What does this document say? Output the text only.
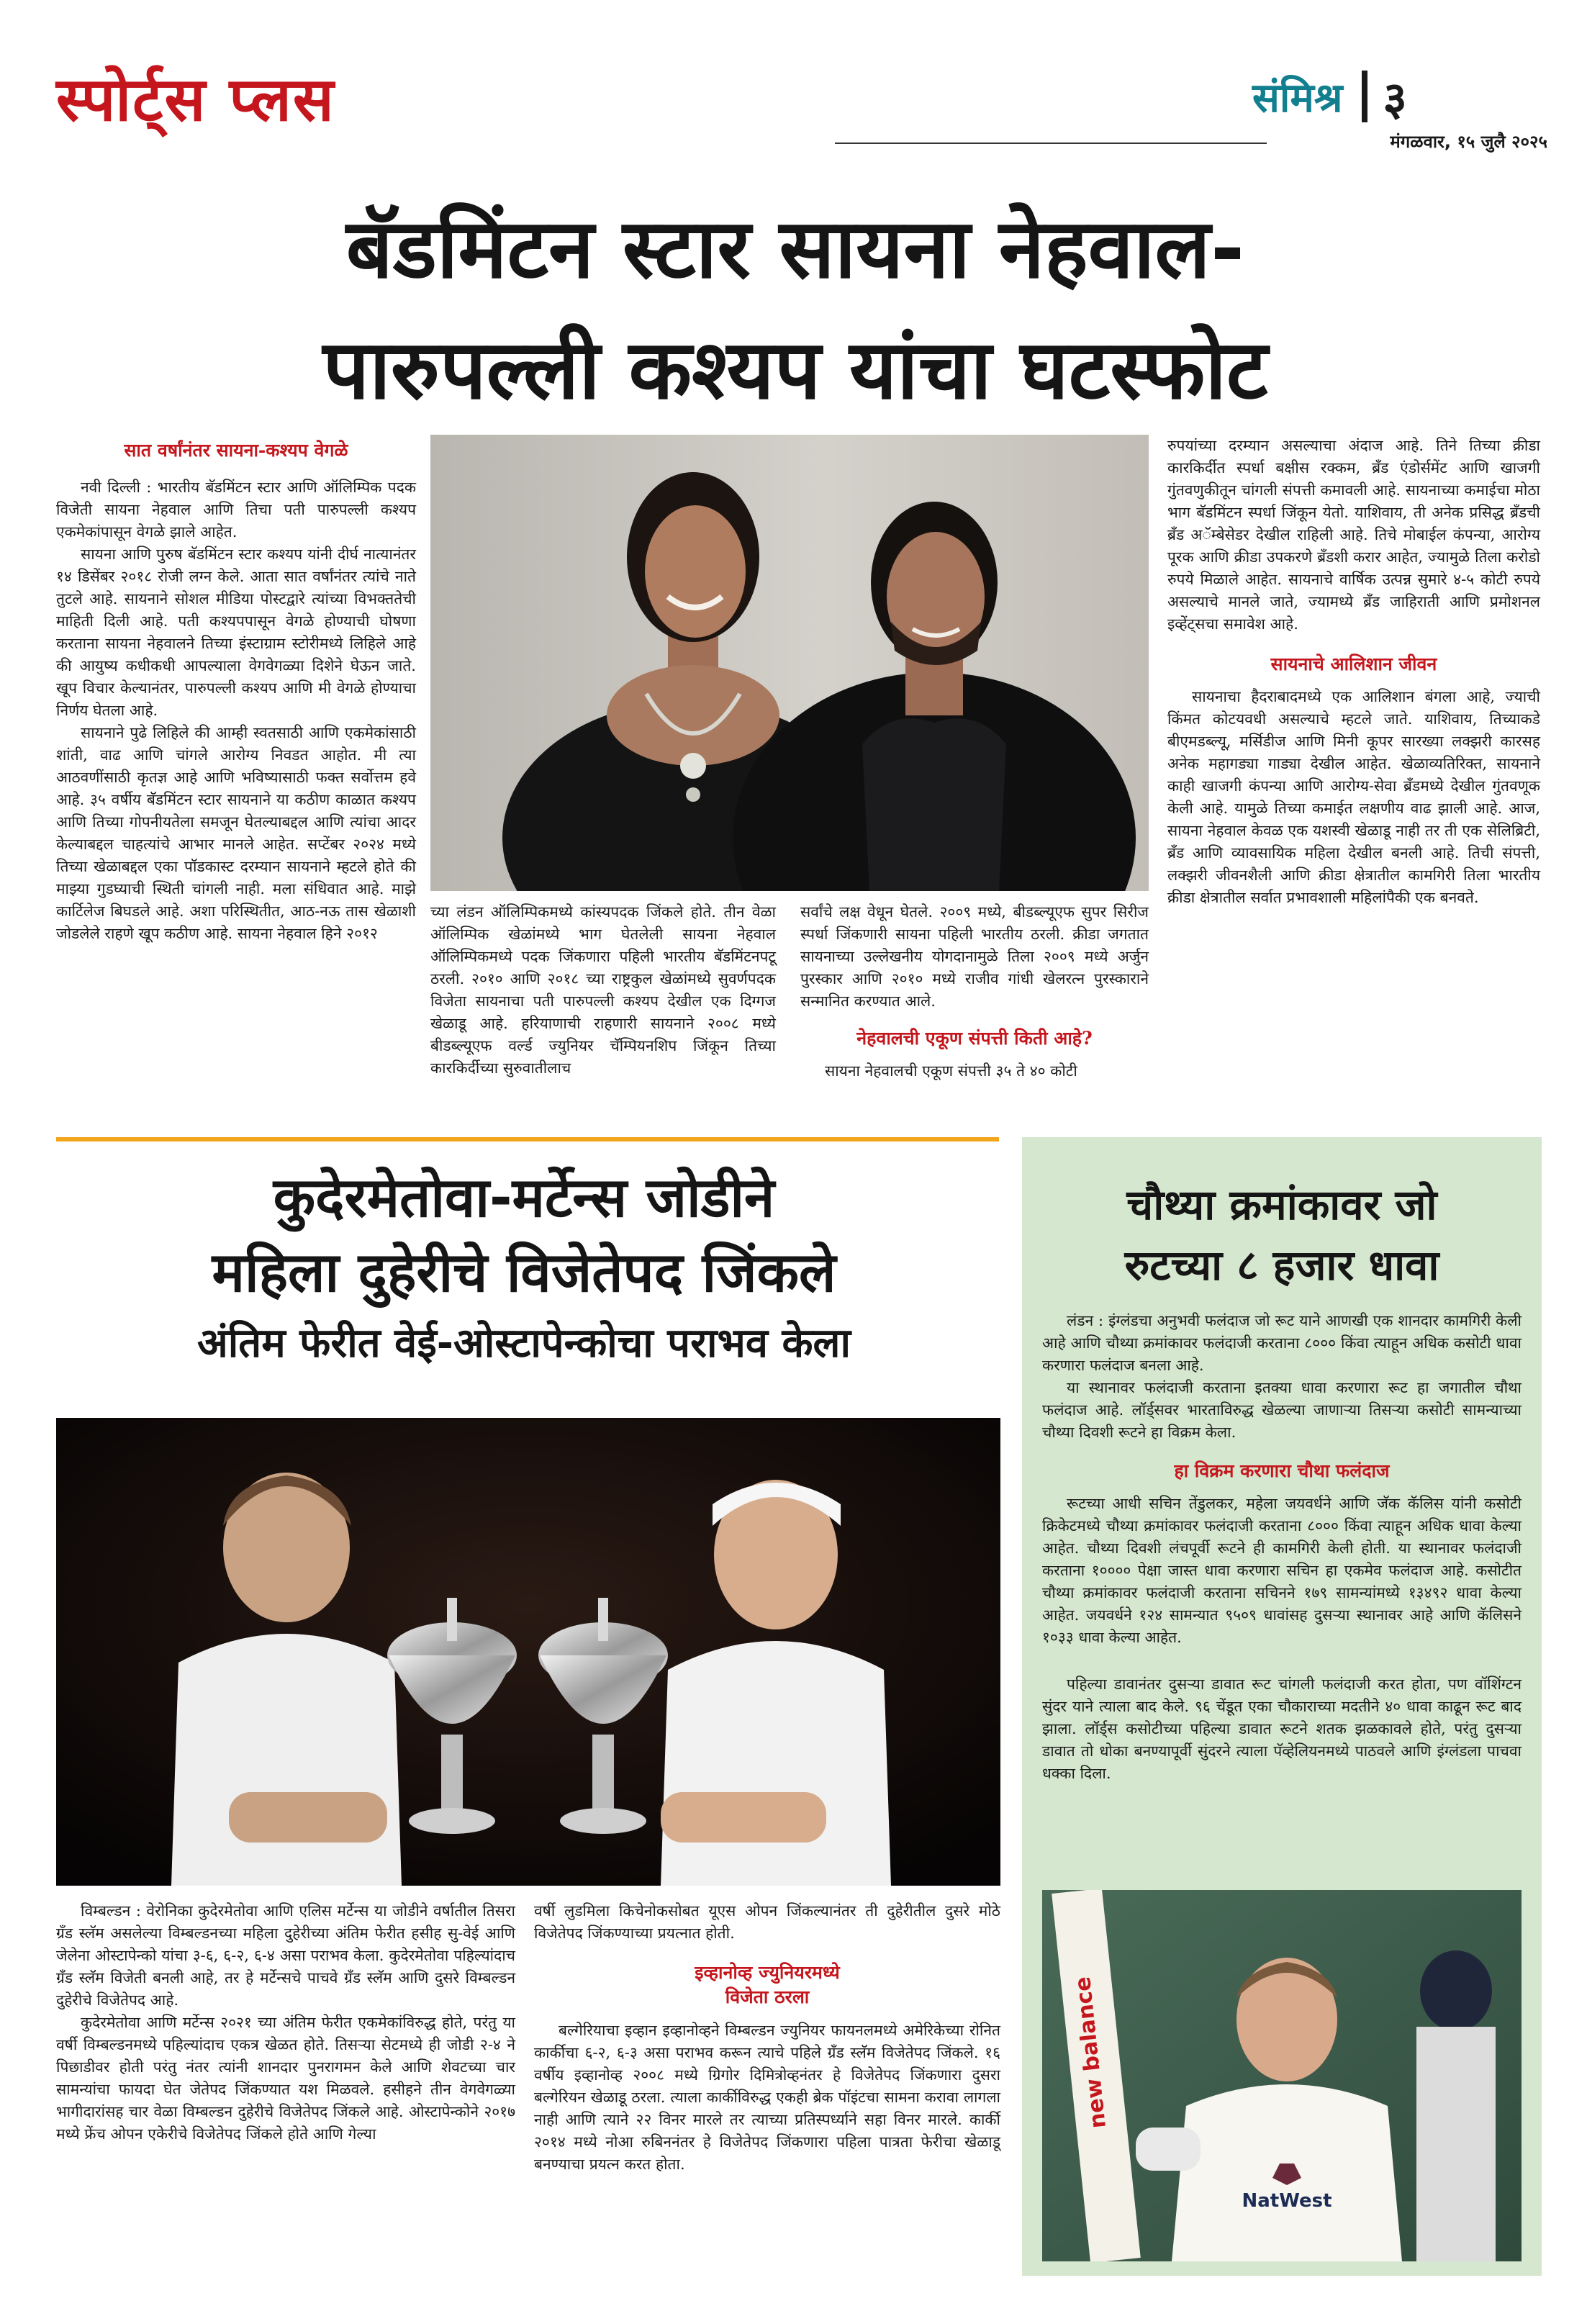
स्पोर्ट्स प्लस	संमिश्र ३
मंगळवार, १५ जुलै २०२५
बॅडमिंटन स्टार सायना नेहवाल-
पारुपल्ली कश्यप यांचा घटस्फोट
सात वर्षांनंतर सायना-कश्यप वेगळे

नवी दिल्ली : भारतीय बॅडमिंटन स्टार आणि ऑलिम्पिक पदक विजेती सायना नेहवाल आणि तिचा पती पारुपल्ली कश्यप एकमेकांपासून वेगळे झाले आहेत.

सायना आणि पुरुष बॅडमिंटन स्टार कश्यप यांनी दीर्घ नात्यानंतर १४ डिसेंबर २०१८ रोजी लग्न केले. आता सात वर्षांनंतर त्यांचे नाते तुटले आहे. सायनाने सोशल मीडिया पोस्टद्वारे त्यांच्या विभक्ततेची माहिती दिली आहे. पती कश्यपपासून वेगळे होण्याची घोषणा करताना सायना नेहवालने तिच्या इंस्टाग्राम स्टोरीमध्ये लिहिले आहे की आयुष्य कधीकधी आपल्याला वेगवेगळ्या दिशेने घेऊन जाते. खूप विचार केल्यानंतर, पारुपल्ली कश्यप आणि मी वेगळे होण्याचा निर्णय घेतला आहे.

सायनाने पुढे लिहिले की आम्ही स्वतसाठी आणि एकमेकांसाठी शांती, वाढ आणि चांगले आरोग्य निवडत आहोत. मी त्या आठवणींसाठी कृतज्ञ आहे आणि भविष्यासाठी फक्त सर्वोत्तम हवे आहे. ३५ वर्षीय बॅडमिंटन स्टार सायनाने या कठीण काळात कश्यप आणि तिच्या गोपनीयतेला समजून घेतल्याबद्दल आणि त्यांचा आदर केल्याबद्दल चाहत्यांचे आभार मानले आहेत. सप्टेंबर २०२४ मध्ये तिच्या खेळाबद्दल एका पॉडकास्ट दरम्यान सायनाने म्हटले होते की माझ्या गुडघ्याची स्थिती चांगली नाही. मला संधिवात आहे. माझे कार्टिलेज बिघडले आहे. अशा परिस्थितीत, आठ-नऊ तास खेळाशी जोडलेले राहणे खूप कठीण आहे. सायना नेहवाल हिने २०१२

च्या लंडन ऑलिम्पिकमध्ये कांस्यपदक जिंकले होते. तीन वेळा ऑलिम्पिक खेळांमध्ये भाग घेतलेली सायना नेहवाल ऑलिम्पिकमध्ये पदक जिंकणारा पहिली भारतीय बॅडमिंटनपटू ठरली. २०१० आणि २०१८ च्या राष्ट्रकुल खेळांमध्ये सुवर्णपदक विजेता सायनाचा पती पारुपल्ली कश्यप देखील एक दिग्गज खेळाडू आहे. हरियाणाची राहणारी सायनाने २००८ मध्ये बीडब्ल्यूएफ वर्ल्ड ज्युनियर चॅम्पियनशिप जिंकून तिच्या कारकिर्दीच्या सुरुवातीलाच

सर्वांचे लक्ष वेधून घेतले. २००९ मध्ये, बीडब्ल्यूएफ सुपर सिरीज स्पर्धा जिंकणारी सायना पहिली भारतीय ठरली. क्रीडा जगतात सायनाच्या उल्लेखनीय योगदानामुळे तिला २००९ मध्ये अर्जुन पुरस्कार आणि २०१० मध्ये राजीव गांधी खेलरत्न पुरस्काराने सन्मानित करण्यात आले.

नेहवालची एकूण संपत्ती किती आहे?

सायना नेहवालची एकूण संपत्ती ३५ ते ४० कोटी

रुपयांच्या दरम्यान असल्याचा अंदाज आहे. तिने तिच्या क्रीडा कारकिर्दीत स्पर्धा बक्षीस रक्कम, ब्रँड एंडोर्समेंट आणि खाजगी गुंतवणुकीतून चांगली संपत्ती कमावली आहे. सायनाच्या कमाईचा मोठा भाग बॅडमिंटन स्पर्धा जिंकून येतो. याशिवाय, ती अनेक प्रसिद्ध ब्रँडची ब्रँड अॅम्बेसेडर देखील राहिली आहे. तिचे मोबाईल कंपन्या, आरोग्य पूरक आणि क्रीडा उपकरणे ब्रँडशी करार आहेत, ज्यामुळे तिला करोडो रुपये मिळाले आहेत. सायनाचे वार्षिक उत्पन्न सुमारे ४-५ कोटी रुपये असल्याचे मानले जाते, ज्यामध्ये ब्रँड जाहिराती आणि प्रमोशनल इव्हेंट्सचा समावेश आहे.

सायनाचे आलिशान जीवन

सायनाचा हैदराबादमध्ये एक आलिशान बंगला आहे, ज्याची किंमत कोटयवधी असल्याचे म्हटले जाते. याशिवाय, तिच्याकडे बीएमडब्ल्यू, मर्सिडीज आणि मिनी कूपर सारख्या लक्झरी कारसह अनेक महागड्या गाड्या देखील आहेत. खेळाव्यतिरिक्त, सायनाने काही खाजगी कंपन्या आणि आरोग्य-सेवा ब्रँडमध्ये देखील गुंतवणूक केली आहे. यामुळे तिच्या कमाईत लक्षणीय वाढ झाली आहे. आज, सायना नेहवाल केवळ एक यशस्वी खेळाडू नाही तर ती एक सेलिब्रिटी, ब्रँड आणि व्यावसायिक महिला देखील बनली आहे. तिची संपत्ती, लक्झरी जीवनशैली आणि क्रीडा क्षेत्रातील कामगिरी तिला भारतीय क्रीडा क्षेत्रातील सर्वात प्रभावशाली महिलांपैकी एक बनवते.

कुदेरमेतोवा-मर्टेन्स जोडीने
महिला दुहेरीचे विजेतेपद जिंकले
अंतिम फेरीत वेई-ओस्टापेन्कोचा पराभव केला

विम्बल्डन : वेरोनिका कुदेरमेतोवा आणि एलिस मर्टेन्स या जोडीने वर्षातील तिसरा ग्रँड स्लॅम असलेल्या विम्बल्डनच्या महिला दुहेरीच्या अंतिम फेरीत हसीह सु-वेई आणि जेलेना ओस्टापेन्को यांचा ३-६, ६-२, ६-४ असा पराभव केला. कुदेरमेतोवा पहिल्यांदाच ग्रँड स्लॅम विजेती बनली आहे, तर हे मर्टेन्सचे पाचवे ग्रँड स्लॅम आणि दुसरे विम्बल्डन दुहेरीचे विजेतेपद आहे.

कुदेरमेतोवा आणि मर्टेन्स २०२१ च्या अंतिम फेरीत एकमेकांविरुद्ध होते, परंतु या वर्षी विम्बल्डनमध्ये पहिल्यांदाच एकत्र खेळत होते. तिसऱ्या सेटमध्ये ही जोडी २-४ ने पिछाडीवर होती परंतु नंतर त्यांनी शानदार पुनरागमन केले आणि शेवटच्या चार सामन्यांचा फायदा घेत जेतेपद जिंकण्यात यश मिळवले. हसीहने तीन वेगवेगळ्या भागीदारांसह चार वेळा विम्बल्डन दुहेरीचे विजेतेपद जिंकले आहे. ओस्टापेन्कोने २०१७ मध्ये फ्रेंच ओपन एकेरीचे विजेतेपद जिंकले होते आणि गेल्या

वर्षी लुडमिला किचेनोकसोबत यूएस ओपन जिंकल्यानंतर ती दुहेरीतील दुसरे मोठे विजेतेपद जिंकण्याच्या प्रयत्नात होती.

इव्हानोव्ह ज्युनियरमध्ये
विजेता ठरला

बल्गेरियाचा इव्हान इव्हानोव्हने विम्बल्डन ज्युनियर फायनलमध्ये अमेरिकेच्या रोनित कार्कीचा ६-२, ६-३ असा पराभव करून त्याचे पहिले ग्रँड स्लॅम विजेतेपद जिंकले. १६ वर्षीय इव्हानोव्ह २००८ मध्ये ग्रिगोर दिमित्रोव्हनंतर हे विजेतेपद जिंकणारा दुसरा बल्गेरियन खेळाडू ठरला. त्याला कार्कीविरुद्ध एकही ब्रेक पॉइंटचा सामना करावा लागला नाही आणि त्याने २२ विनर मारले तर त्याच्या प्रतिस्पर्ध्याने सहा विनर मारले. कार्की २०१४ मध्ये नोआ रुबिननंतर हे विजेतेपद जिंकणारा पहिला पात्रता फेरीचा खेळाडू बनण्याचा प्रयत्न करत होता.

चौथ्या क्रमांकावर जो
रुटच्या ८ हजार धावा

लंडन : इंग्लंडचा अनुभवी फलंदाज जो रूट याने आणखी एक शानदार कामगिरी केली आहे आणि चौथ्या क्रमांकावर फलंदाजी करताना ८००० किंवा त्याहून अधिक कसोटी धावा करणारा फलंदाज बनला आहे.

या स्थानावर फलंदाजी करताना इतक्या धावा करणारा रूट हा जगातील चौथा फलंदाज आहे. लॉर्ड्सवर भारताविरुद्ध खेळल्या जाणाऱ्या तिसऱ्या कसोटी सामन्याच्या चौथ्या दिवशी रूटने हा विक्रम केला.

हा विक्रम करणारा चौथा फलंदाज

रूटच्या आधी सचिन तेंडुलकर, महेला जयवर्धने आणि जॅक कॅलिस यांनी कसोटी क्रिकेटमध्ये चौथ्या क्रमांकावर फलंदाजी करताना ८००० किंवा त्याहून अधिक धावा केल्या आहेत. चौथ्या दिवशी लंचपूर्वी रूटने ही कामगिरी केली होती. या स्थानावर फलंदाजी करताना १०००० पेक्षा जास्त धावा करणारा सचिन हा एकमेव फलंदाज आहे. कसोटीत चौथ्या क्रमांकावर फलंदाजी करताना सचिनने १७९ सामन्यांमध्ये १३४९२ धावा केल्या आहेत. जयवर्धने १२४ सामन्यात ९५०९ धावांसह दुसऱ्या स्थानावर आहे आणि कॅलिसने १०३३ धावा केल्या आहेत.

पहिल्या डावानंतर दुसऱ्या डावात रूट चांगली फलंदाजी करत होता, पण वॉशिंग्टन सुंदर याने त्याला बाद केले. ९६ चेंडूत एका चौकाराच्या मदतीने ४० धावा काढून रूट बाद झाला. लॉर्ड्स कसोटीच्या पहिल्या डावात रूटने शतक झळकावले होते, परंतु दुसऱ्या डावात तो धोका बनण्यापूर्वी सुंदरने त्याला पॅव्हेलियनमध्ये पाठवले आणि इंग्लंडला पाचवा धक्का दिला.

new balance
NatWest
